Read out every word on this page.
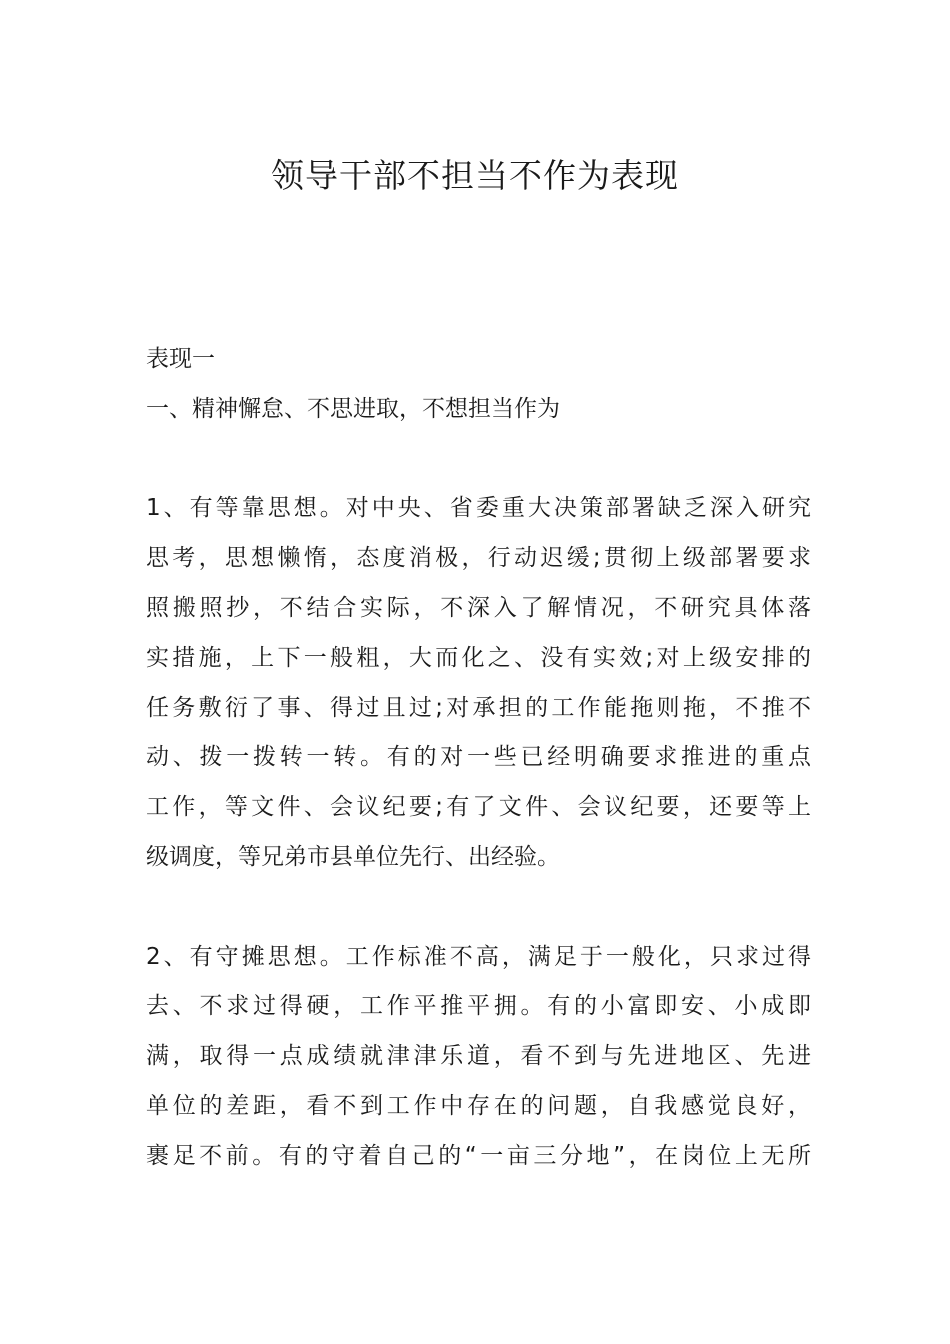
领导干部不担当不作为表现
表现一
一、精神懈怠、不思进取，不想担当作为
1、有等靠思想。对中央、省委重大决策部署缺乏深入研究
思考，思想懒惰，态度消极，行动迟缓;贯彻上级部署要求
照搬照抄，不结合实际，不深入了解情况，不研究具体落
实措施，上下一般粗，大而化之、没有实效;对上级安排的
任务敷衍了事、得过且过;对承担的工作能拖则拖，不推不
动、拨一拨转一转。有的对一些已经明确要求推进的重点
工作，等文件、会议纪要;有了文件、会议纪要，还要等上
级调度，等兄弟市县单位先行、出经验。
2、有守摊思想。工作标准不高，满足于一般化，只求过得
去、不求过得硬，工作平推平拥。有的小富即安、小成即
满，取得一点成绩就津津乐道，看不到与先进地区、先进
单位的差距，看不到工作中存在的问题，自我感觉良好，
裹足不前。有的守着自己的“一亩三分地”，在岗位上无所
